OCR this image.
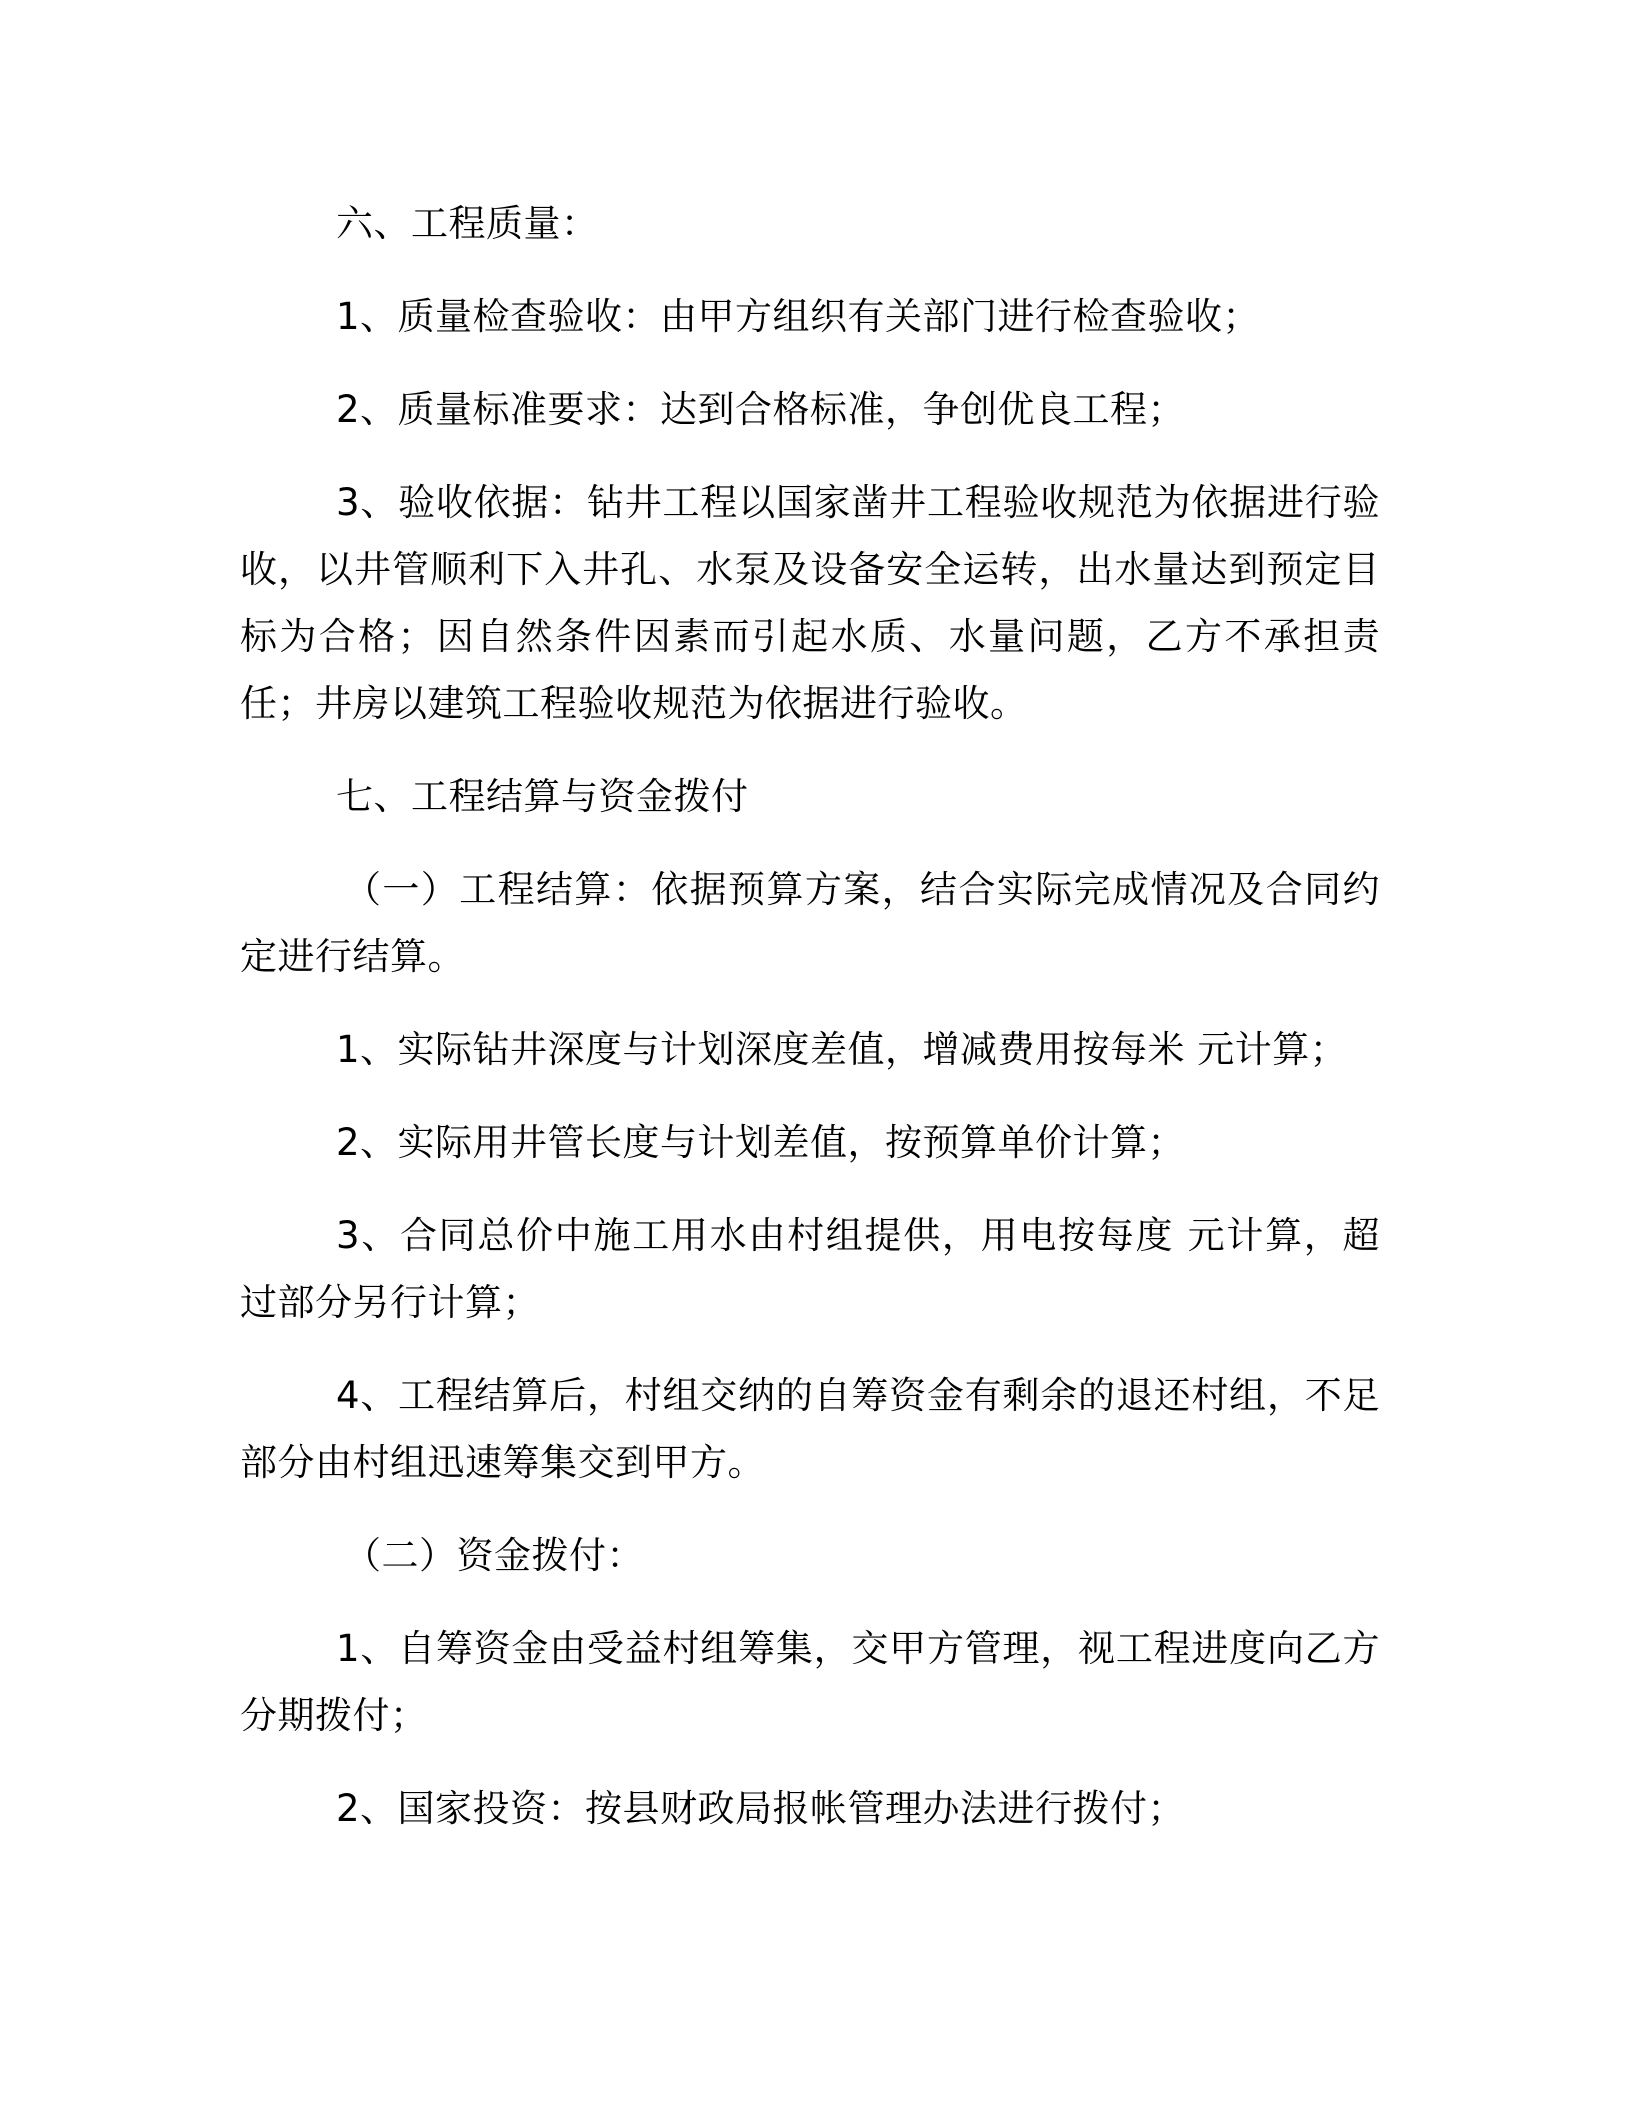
六、工程质量：

1、质量检查验收：由甲方组织有关部门进行检查验收；

2、质量标准要求：达到合格标准，争创优良工程；

3、验收依据：钻井工程以国家凿井工程验收规范为依据进行验收，以井管顺利下入井孔、水泵及设备安全运转，出水量达到预定目标为合格；因自然条件因素而引起水质、水量问题，乙方不承担责任；井房以建筑工程验收规范为依据进行验收。

七、工程结算与资金拨付

（一）工程结算：依据预算方案，结合实际完成情况及合同约定进行结算。

1、实际钻井深度与计划深度差值，增减费用按每米 元计算；

2、实际用井管长度与计划差值，按预算单价计算；

3、合同总价中施工用水由村组提供，用电按每度 元计算，超过部分另行计算；

4、工程结算后，村组交纳的自筹资金有剩余的退还村组，不足部分由村组迅速筹集交到甲方。

（二）资金拨付：

1、自筹资金由受益村组筹集，交甲方管理，视工程进度向乙方分期拨付；

2、国家投资：按县财政局报帐管理办法进行拨付；
